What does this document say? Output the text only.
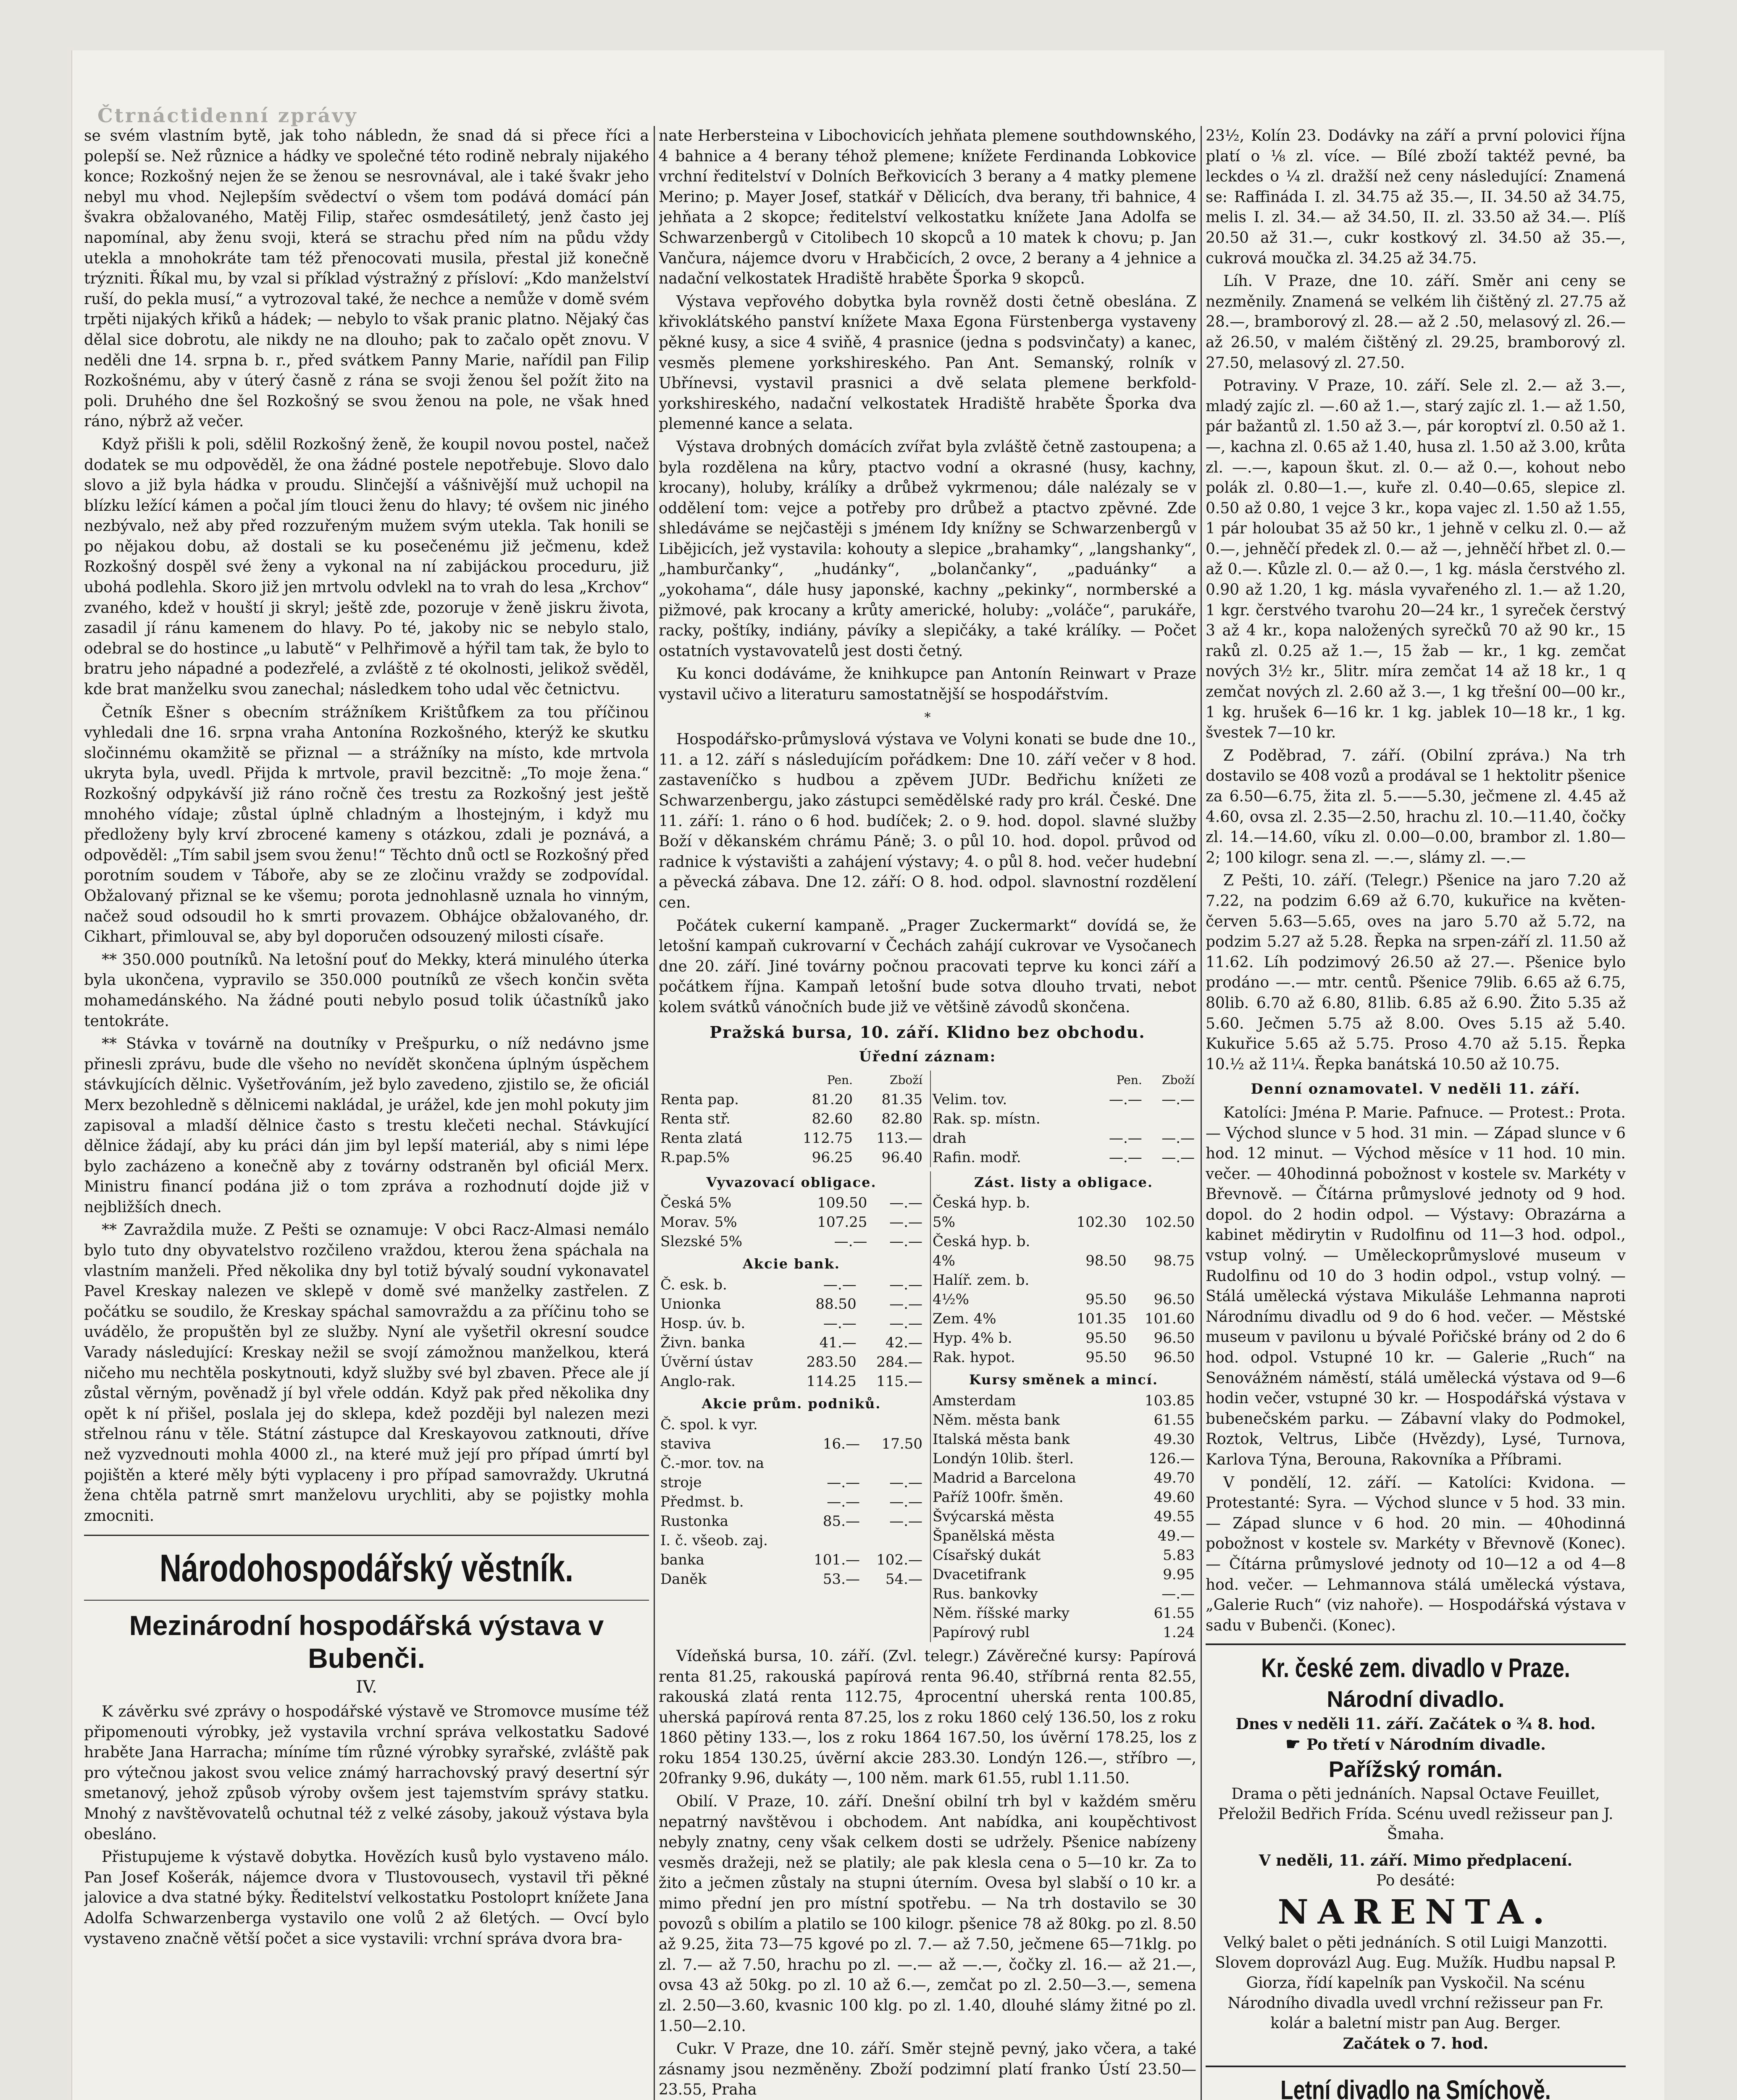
Čtrnáctidenní zprávy

se svém vlastním bytě, jak toho nábledn, že snad dá si přece říci a polepší se. Než různice a hádky ve společné této rodině nebraly nijakého konce; Rozkošný nejen že se ženou se nesrovnával, ale i také švakr jeho nebyl mu vhod. Nejlepším svědectví o všem tom podává domácí pán švakra obžalovaného, Matěj Filip, stařec osmdesátiletý, jenž často jej napomínal, aby ženu svoji, která se strachu před ním na půdu vždy utekla a mnohokráte tam též přenocovati musila, přestal již konečně trýzniti. Říkal mu, by vzal si příklad výstražný z přísloví: „Kdo manželství ruší, do pekla musí,“ a vytrozoval také, že nechce a nemůže v domě svém trpěti nijakých křiků a hádek; — nebylo to však pranic platno. Nějaký čas dělal sice dobrotu, ale nikdy ne na dlouho; pak to začalo opět znovu. V neděli dne 14. srpna b. r., před svátkem Panny Marie, nařídil pan Filip Rozkošnému, aby v úterý časně z rána se svoji ženou šel požít žito na poli. Druhého dne šel Rozkošný se svou ženou na pole, ne však hned ráno, nýbrž až večer.

Když přišli k poli, sdělil Rozkošný ženě, že koupil novou postel, načež dodatek se mu odpověděl, že ona žádné postele nepotřebuje. Slovo dalo slovo a již byla hádka v proudu. Slinčejší a vášnivější muž uchopil na blízku ležící kámen a počal jím tlouci ženu do hlavy; té ovšem nic jiného nezbývalo, než aby před rozzuřeným mužem svým utekla. Tak honili se po nějakou dobu, až dostali se ku posečenému již ječmenu, kdež Rozkošný dospěl své ženy a vykonal na ní zabijáckou proceduru, již ubohá podlehla. Skoro již jen mrtvolu odvlekl na to vrah do lesa „Krchov“ zvaného, kdež v houští ji skryl; ještě zde, pozoruje v ženě jiskru života, zasadil jí ránu kamenem do hlavy. Po té, jakoby nic se nebylo stalo, odebral se do hostince „u labutě“ v Pelhřimově a hýřil tam tak, že bylo to bratru jeho nápadné a podezřelé, a zvláště z té okolnosti, jelikož svěděl, kde brat manželku svou zanechal; následkem toho udal věc četnictvu.

Četník Ešner s obecním strážníkem Krištůfkem za tou příčinou vyhledali dne 16. srpna vraha Antonína Rozkošného, kterýž ke skutku sločinnému okamžitě se přiznal — a strážníky na místo, kde mrtvola ukryta byla, uvedl. Přijda k mrtvole, pravil bezcitně: „To moje žena.“ Rozkošný odpykávší již ráno ročně čes trestu za Rozkošný jest ještě mnohého vídaje; zůstal úplně chladným a lhostejným, i když mu předloženy byly krví zbrocené kameny s otázkou, zdali je poznává, a odpověděl: „Tím sabil jsem svou ženu!“ Těchto dnů octl se Rozkošný před porotním soudem v Táboře, aby se ze zločinu vraždy se zodpovídal. Obžalovaný přiznal se ke všemu; porota jednohlasně uznala ho vinným, načež soud odsoudil ho k smrti provazem. Obhájce obžalovaného, dr. Cikhart, přimlouval se, aby byl doporučen odsouzený milosti císaře.

** 350.000 poutníků. Na letošní pouť do Mekky, která minulého úterka byla ukončena, vypravilo se 350.000 poutníků ze všech končin světa mohamedánského. Na žádné pouti nebylo posud tolik účastníků jako tentokráte.

** Stávka v továrně na doutníky v Prešpurku, o níž nedávno jsme přinesli zprávu, bude dle všeho no nevídět skončena úplným úspěchem stávkujících dělnic. Vyšetřováním, jež bylo zavedeno, zjistilo se, že oficiál Merx bezohledně s dělnicemi nakládal, je urážel, kde jen mohl pokuty jim zapisoval a mladší dělnice často s trestu klečeti nechal. Stávkující dělnice žádají, aby ku práci dán jim byl lepší materiál, aby s nimi lépe bylo zacházeno a konečně aby z továrny odstraněn byl oficiál Merx. Ministru financí podána již o tom zpráva a rozhodnutí dojde již v nejbližších dnech.

** Zavraždila muže. Z Pešti se oznamuje: V obci Racz-Almasi nemálo bylo tuto dny obyvatelstvo rozčileno vraždou, kterou žena spáchala na vlastním manželi. Před několika dny byl totiž bývalý soudní vykonavatel Pavel Kreskay nalezen ve sklepě v domě své manželky zastřelen. Z počátku se soudilo, že Kreskay spáchal samovraždu a za příčinu toho se uvádělo, že propuštěn byl ze služby. Nyní ale vyšetřil okresní soudce Varady následující: Kreskay nežil se svojí zámožnou manželkou, která ničeho mu nechtěla poskytnouti, když služby své byl zbaven. Přece ale jí zůstal věrným, pověnadž jí byl vřele oddán. Když pak před několika dny opět k ní přišel, poslala jej do sklepa, kdež později byl nalezen mezi střelnou ránu v těle. Státní zástupce dal Kreskayovou zatknouti, dříve než vyzvednouti mohla 4000 zl., na které muž její pro případ úmrtí byl pojištěn a které měly býti vyplaceny i pro případ samovraždy. Ukrutná žena chtěla patrně smrt manželovu urychliti, aby se pojistky mohla zmocniti.

Národohospodářský věstník.
Mezinárodní hospodářská výstava v Bubenči.
IV.

K závěrku své zprávy o hospodářské výstavě ve Stromovce musíme též připomenouti výrobky, jež vystavila vrchní správa velkostatku Sadové hraběte Jana Harracha; míníme tím různé výrobky syrařské, zvláště pak pro výtečnou jakost svou velice známý harrachovský pravý desertní sýr smetanový, jehož způsob výroby ovšem jest tajemstvím správy statku. Mnohý z navštěvovatelů ochutnal též z velké zásoby, jakouž výstava byla obesláno.

Přistupujeme k výstavě dobytka. Hovězích kusů bylo vystaveno málo. Pan Josef Košerák, nájemce dvora v Tlustovousech, vystavil tři pěkné jalovice a dva statné býky. Ředitelství velkostatku Postoloprt knížete Jana Adolfa Schwarzenberga vystavilo one volů 2 až 6letých. — Ovcí bylo vystaveno značně větší počet a sice vystavili: vrchní správa dvora bra-

nate Herbersteina v Libochovicích jehňata plemene southdownského, 4 bahnice a 4 berany téhož plemene; knížete Ferdinanda Lobkovice vrchní ředitelství v Dolních Beřkovicích 3 berany a 4 matky plemene Merino; p. Mayer Josef, statkář v Dělicích, dva berany, tři bahnice, 4 jehňata a 2 skopce; ředitelství velkostatku knížete Jana Adolfa se Schwarzenbergů v Citolibech 10 skopců a 10 matek k chovu; p. Jan Vančura, nájemce dvoru v Hrabčicích, 2 ovce, 2 berany a 4 jehnice a nadační velkostatek Hradiště hraběte Šporka 9 skopců.

Výstava vepřového dobytka byla rovněž dosti četně obeslána. Z křivoklátského panství knížete Maxa Egona Fürstenberga vystaveny pěkné kusy, a sice 4 sviňě, 4 prasnice (jedna s podsvinčaty) a kanec, vesměs plemene yorkshireského. Pan Ant. Semanský, rolník v Ubřínevsi, vystavil prasnici a dvě selata plemene berkfold-yorkshireského, nadační velkostatek Hradiště hraběte Šporka dva plemenné kance a selata.

Výstava drobných domácích zvířat byla zvláště četně zastoupena; a byla rozdělena na kůry, ptactvo vodní a okrasné (husy, kachny, krocany), holuby, králíky a drůbež vykrmenou; dále nalézaly se v oddělení tom: vejce a potřeby pro drůbež a ptactvo zpěvné. Zde shledáváme se nejčastěji s jménem Idy knížny se Schwarzenbergů v Libějicích, jež vystavila: kohouty a slepice „brahamky“, „langshanky“, „hamburčanky“, „hudánky“, „bolančanky“, „paduánky“ a „yokohama“, dále husy japonské, kachny „pekinky“, normberské a pižmové, pak krocany a krůty americké, holuby: „voláče“, parukáře, racky, poštíky, indiány, pávíky a slepičáky, a také králíky. — Počet ostatních vystavovatelů jest dosti četný.

Ku konci dodáváme, že knihkupce pan Antonín Reinwart v Praze vystavil učivo a literaturu samostatnější se hospodářstvím.

*

Hospodářsko-průmyslová výstava ve Volyni konati se bude dne 10., 11. a 12. září s následujícím pořádkem: Dne 10. září večer v 8 hod. zastaveníčko s hudbou a zpěvem JUDr. Bedřichu knížeti ze Schwarzenbergu, jako zástupci semědělské rady pro král. České. Dne 11. září: 1. ráno o 6 hod. budíček; 2. o 9. hod. dopol. slavné služby Boží v děkanském chrámu Páně; 3. o půl 10. hod. dopol. průvod od radnice k výstavišti a zahájení výstavy; 4. o půl 8. hod. večer hudební a pěvecká zábava. Dne 12. září: O 8. hod. odpol. slavnostní rozdělení cen.

Počátek cukerní kampaně. „Prager Zuckermarkt“ dovídá se, že letošní kampaň cukrovarní v Čechách zahájí cukrovar ve Vysočanech dne 20. září. Jiné továrny počnou pracovati teprve ku konci září a počátkem října. Kampaň letošní bude sotva dlouho trvati, nebot kolem svátků vánočních bude již ve většině závodů skončena.

Pražská bursa, 10. září. Klidno bez obchodu.
Úřední záznam:
	Pen.	Zboží
Renta pap.	81.20	81.35
Renta stř.	82.60	82.80
Renta zlatá	112.75	113.—
R.pap.5%	96.25	96.40
	Pen.	Zboží
Velim. tov.	—.—	—.—
Rak. sp. místn.		
drah	—.—	—.—
Rafin. modř.	—.—	—.—
Vyvazovací obligace.
Česká 5%	109.50	—.—
Morav. 5%	107.25	—.—
Slezské 5%	—.—	—.—
Akcie bank.
Č. esk. b.	—.—	—.—
Unionka	88.50	—.—
Hosp. úv. b.	—.—	—.—
Živn. banka	41.—	42.—
Úvěrní ústav	283.50	284.—
Anglo-rak.	114.25	115.—
Akcie prům. podniků.
Č. spol. k vyr.		
staviva	16.—	17.50
Č.-mor. tov. na		
stroje	—.—	—.—
Předmst. b.	—.—	—.—
Rustonka	85.—	—.—
I. č. všeob. zaj.		
banka	101.—	102.—
Daněk	53.—	54.—
Zást. listy a obligace.
Česká hyp. b.		
5%	102.30	102.50
Česká hyp. b.		
4%	98.50	98.75
Halíř. zem. b.		
4½%	95.50	96.50
Zem. 4%	101.35	101.60
Hyp. 4% b.	95.50	96.50
Rak. hypot.	95.50	96.50
Kursy směnek a mincí.
Amsterdam	103.85
Něm. města bank	61.55
Italská města bank	49.30
Londýn 10lib. šterl.	126.—
Madrid a Barcelona	49.70
Paříž 100fr. šměn.	49.60
Švýcarská města	49.55
Španělská města	49.—
Císařský dukát	5.83
Dvacetifrank	9.95
Rus. bankovky	—.—
Něm. říšské marky	61.55
Papírový rubl	1.24

Vídeňská bursa, 10. září. (Zvl. telegr.) Závěrečné kursy: Papírová renta 81.25, rakouská papírová renta 96.40, stříbrná renta 82.55, rakouská zlatá renta 112.75, 4procentní uherská renta 100.85, uherská papírová renta 87.25, los z roku 1860 celý 136.50, los z roku 1860 pětiny 133.—, los z roku 1864 167.50, los úvěrní 178.25, los z roku 1854 130.25, úvěrní akcie 283.30. Londýn 126.—, stříbro —, 20franky 9.96, dukáty —, 100 něm. mark 61.55, rubl 1.11.50.

Obilí. V Praze, 10. září. Dnešní obilní trh byl v každém směru nepatrný navštěvou i obchodem. Ant nabídka, ani koupěchtivost nebyly znatny, ceny však celkem dosti se udržely. Pšenice nabízeny vesměs dražeji, než se platily; ale pak klesla cena o 5—10 kr. Za to žito a ječmen zůstaly na stupni úterním. Ovesa byl slabší o 10 kr. a mimo přední jen pro místní spotřebu. — Na trh dostavilo se 30 povozů s obilím a platilo se 100 kilogr. pšenice 78 až 80kg. po zl. 8.50 až 9.25, žita 73—75 kgové po zl. 7.— až 7.50, ječmene 65—71klg. po zl. 7.— až 7.50, hrachu po zl. —.— až —.—, čočky zl. 16.— až 21.—, ovsa 43 až 50kg. po zl. 10 až 6.—, zemčat po zl. 2.50—3.—, semena zl. 2.50—3.60, kvasnic 100 klg. po zl. 1.40, dlouhé slámy žitné po zl. 1.50—2.10.

Cukr. V Praze, dne 10. září. Směr stejně pevný, jako včera, a také zásnamy jsou nezměněny. Zboží podzimní platí franko Ústí 23.50—23.55, Praha

23½, Kolín 23. Dodávky na září a první polovici října platí o ⅛ zl. více. — Bílé zboží taktéž pevné, ba leckdes o ¼ zl. dražší než ceny následující: Znamená se: Raffináda I. zl. 34.75 až 35.—, II. 34.50 až 34.75, melis I. zl. 34.— až 34.50, II. zl. 33.50 až 34.—. Plíš 20.50 až 31.—, cukr kostkový zl. 34.50 až 35.—, cukrová moučka zl. 34.25 až 34.75.

Líh. V Praze, dne 10. září. Směr ani ceny se nezměnily. Znamená se velkém lih čištěný zl. 27.75 až 28.—, bramborový zl. 28.— až 2 .50, melasový zl. 26.— až 26.50, v malém čištěný zl. 29.25, bramborový zl. 27.50, melasový zl. 27.50.

Potraviny. V Praze, 10. září. Sele zl. 2.— až 3.—, mladý zajíc zl. —.60 až 1.—, starý zajíc zl. 1.— až 1.50, pár bažantů zl. 1.50 až 3.—, pár koroptví zl. 0.50 až 1.—, kachna zl. 0.65 až 1.40, husa zl. 1.50 až 3.00, krůta zl. —.—, kapoun škut. zl. 0.— až 0.—, kohout nebo polák zl. 0.80—1.—, kuře zl. 0.40—0.65, slepice zl. 0.50 až 0.80, 1 vejce 3 kr., kopa vajec zl. 1.50 až 1.55, 1 pár holoubat 35 až 50 kr., 1 jehně v celku zl. 0.— až 0.—, jehněčí předek zl. 0.— až —, jehněčí hřbet zl. 0.— až 0.—. Kůzle zl. 0.— až 0.—, 1 kg. másla čerstvého zl. 0.90 až 1.20, 1 kg. másla vyvařeného zl. 1.— až 1.20, 1 kgr. čerstvého tvarohu 20—24 kr., 1 syreček čerstvý 3 až 4 kr., kopa naložených syrečků 70 až 90 kr., 15 raků zl. 0.25 až 1.—, 15 žab — kr., 1 kg. zemčat nových 3½ kr., 5litr. míra zemčat 14 až 18 kr., 1 q zemčat nových zl. 2.60 až 3.—, 1 kg třešní 00—00 kr., 1 kg. hrušek 6—16 kr. 1 kg. jablek 10—18 kr., 1 kg. švestek 7—10 kr.

Z Poděbrad, 7. září. (Obilní zpráva.) Na trh dostavilo se 408 vozů a prodával se 1 hektolitr pšenice za 6.50—6.75, žita zl. 5.——5.30, ječmene zl. 4.45 až 4.60, ovsa zl. 2.35—2.50, hrachu zl. 10.—11.40, čočky zl. 14.—14.60, víku zl. 0.00—0.00, brambor zl. 1.80—2; 100 kilogr. sena zl. —.—, slámy zl. —.—

Z Pešti, 10. září. (Telegr.) Pšenice na jaro 7.20 až 7.22, na podzim 6.69 až 6.70, kukuřice na květen-červen 5.63—5.65, oves na jaro 5.70 až 5.72, na podzim 5.27 až 5.28. Řepka na srpen-září zl. 11.50 až 11.62. Líh podzimový 26.50 až 27.—. Pšenice bylo prodáno —.— mtr. centů. Pšenice 79lib. 6.65 až 6.75, 80lib. 6.70 až 6.80, 81lib. 6.85 až 6.90. Žito 5.35 až 5.60. Ječmen 5.75 až 8.00. Oves 5.15 až 5.40. Kukuřice 5.65 až 5.75. Proso 4.70 až 5.15. Řepka 10.½ až 11¼. Řepka banátská 10.50 až 10.75.

Denní oznamovatel. V neděli 11. září.

Katolíci: Jména P. Marie. Pafnuce. — Protest.: Prota. — Východ slunce v 5 hod. 31 min. — Západ slunce v 6 hod. 12 minut. — Východ měsíce v 11 hod. 10 min. večer. — 40hodinná pobožnost v kostele sv. Markéty v Břevnově. — Čítárna průmyslové jednoty od 9 hod. dopol. do 2 hodin odpol. — Výstavy: Obrazárna a kabinet mědirytin v Rudolfinu od 11—3 hod. odpol., vstup volný. — Uměleckoprůmyslové museum v Rudolfinu od 10 do 3 hodin odpol., vstup volný. — Stálá umělecká výstava Mikuláše Lehmanna naproti Národnímu divadlu od 9 do 6 hod. večer. — Městské museum v pavilonu u bývalé Pořičské brány od 2 do 6 hod. odpol. Vstupné 10 kr. — Galerie „Ruch“ na Senovážném náměstí, stálá umělecká výstava od 9—6 hodin večer, vstupné 30 kr. — Hospodářská výstava v bubenečském parku. — Zábavní vlaky do Podmokel, Roztok, Veltrus, Libče (Hvězdy), Lysé, Turnova, Karlova Týna, Berouna, Rakovníka a Příbrami.

V pondělí, 12. září. — Katolíci: Kvidona. — Protestanté: Syra. — Východ slunce v 5 hod. 33 min. — Západ slunce v 6 hod. 20 min. — 40hodinná pobožnost v kostele sv. Markéty v Břevnově (Konec). — Čítárna průmyslové jednoty od 10—12 a od 4—8 hod. večer. — Lehmannova stálá umělecká výstava, „Galerie Ruch“ (viz nahoře). — Hospodářská výstava v sadu v Bubenči. (Konec).

Kr. české zem. divadlo v Praze.
Národní divadlo.
Dnes v neděli 11. září. Začátek o ¾ 8. hod.
☛ Po třetí v Národním divadle.
Pařížský román.
Drama o pěti jednáních. Napsal Octave Feuillet, Přeložil Bedřich Frída. Scénu uvedl režisseur pan J. Šmaha.
V neděli, 11. září. Mimo předplacení.
Po desáté:
NARENTA.
Velký balet o pěti jednáních. S otil Luigi Manzotti. Slovem doprovázl Aug. Eug. Mužík. Hudbu napsal P. Giorza, řídí kapelník pan Vyskočil. Na scénu Národního divadla uvedl vrchní režisseur pan Fr. kolár a baletní mistr pan Aug. Berger.
Začátek o 7. hod.
Letní divadlo na Smíchově.
